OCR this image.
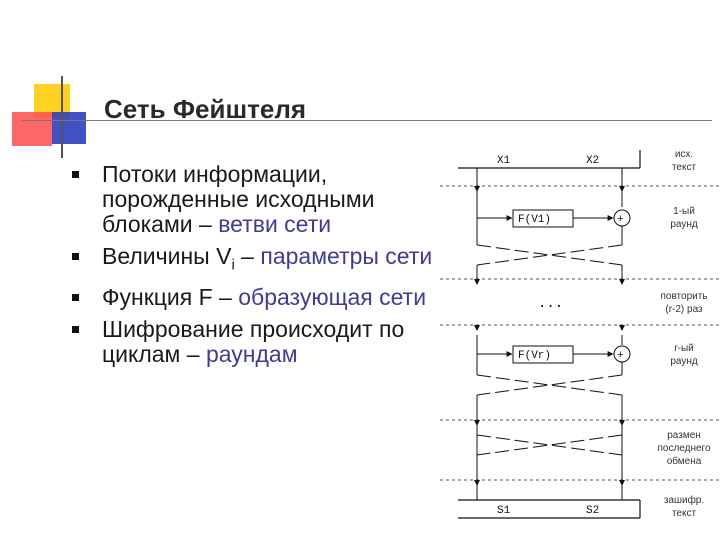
Сеть Фейштеля
Потоки информации, порожденные исходными блоками – ветви сети
Величины $V_i$ – параметры сети
Функция F – образующая сети
Шифрование происходит по циклам – раундам
X1	X2
F(V1)	+
...
F(Vr)	+
S1	S2
исх.
текст
1-ый
раунд
повторить
(r-2) раз
r-ый
раунд
размен
последнего
обмена
зашифр.
текст
